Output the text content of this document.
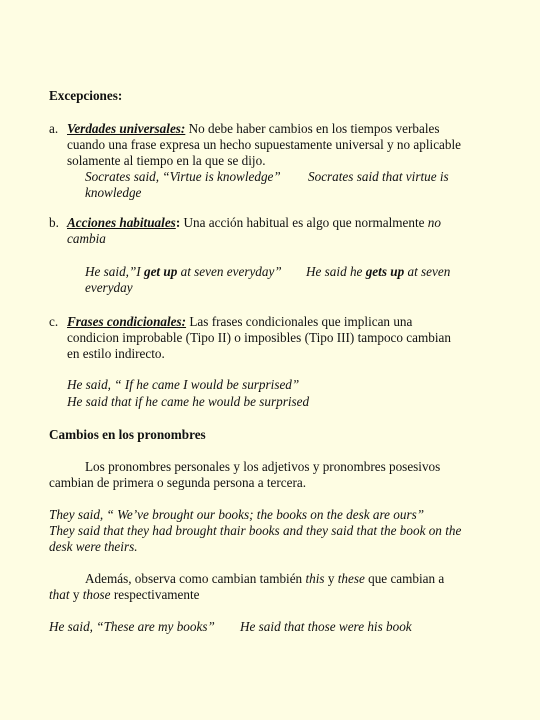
Excepciones:
a. Verdades universales: No debe haber cambios en los tiempos verbales
cuando una frase expresa un hecho supuestamente universal y no aplicable
solamente al tiempo en la que se dijo.
Socrates said, “Virtue is knowledge” Socrates said that virtue is
knowledge
b. Acciones habituales: Una acción habitual es algo que normalmente no
cambia
He said,”I get up at seven everyday” He said he gets up at seven
everyday
c. Frases condicionales: Las frases condicionales que implican una
condicion improbable (Tipo II) o imposibles (Tipo III) tampoco cambian
en estilo indirecto.
He said, “ If he came I would be surprised”
He said that if he came he would be surprised
Cambios en los pronombres
Los pronombres personales y los adjetivos y pronombres posesivos
cambian de primera o segunda persona a tercera.
They said, “ We’ve brought our books; the books on the desk are ours”
They said that they had brought thair books and they said that the book on the
desk were theirs.
Además, observa como cambian también this y these que cambian a
that y those respectivamente
He said, “These are my books” He said that those were his book
